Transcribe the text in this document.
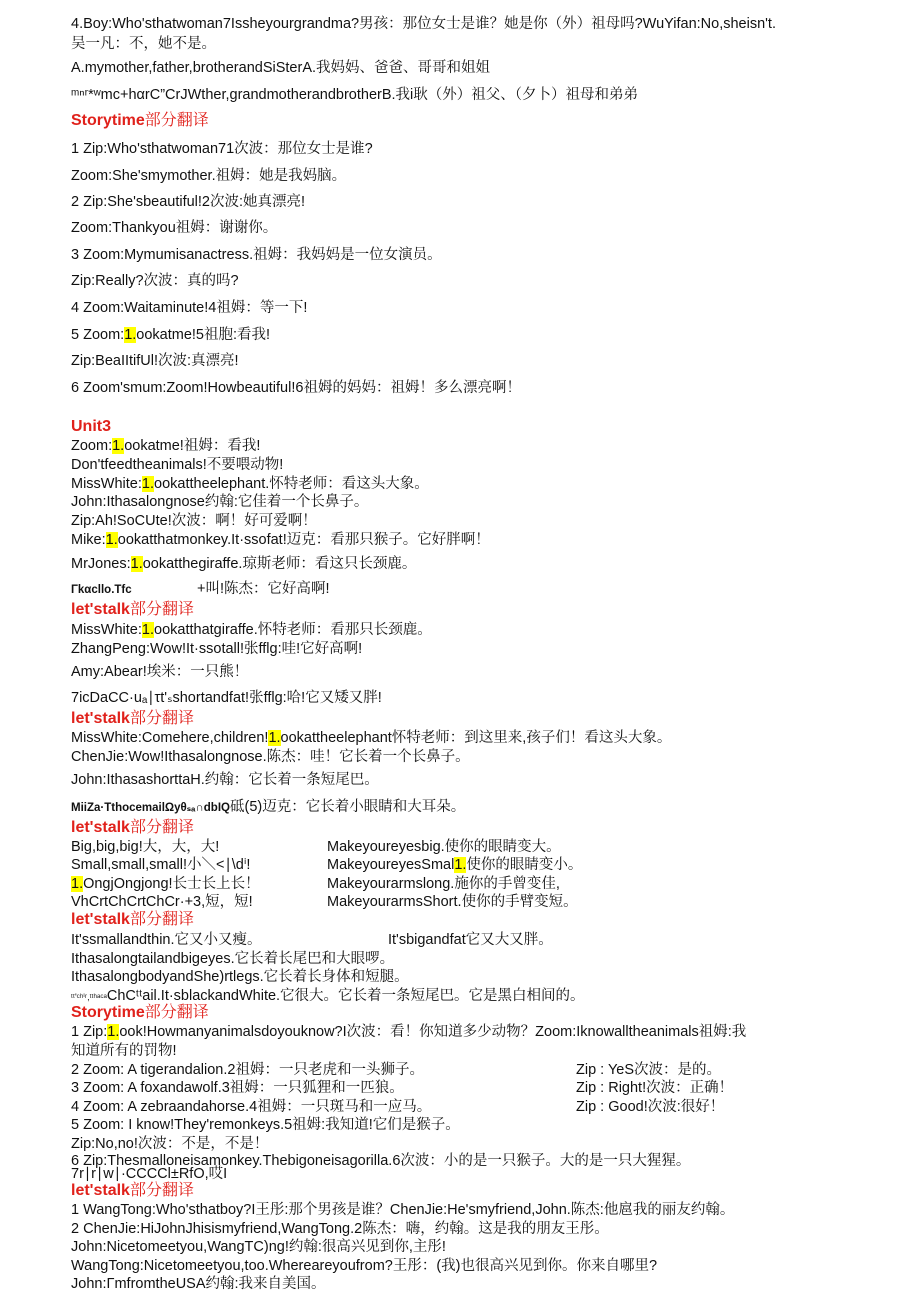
4.Boy:Who'sthatwoman7Issheyourgrandma?男孩：那位女士是谁？她是你（外）祖母吗?WuYifan:No,sheisn't.
吴一凡：不，她不是。
A.mymother,father,brotherandSiSterA.我妈妈、爸爸、哥哥和姐姐
ᵐⁿʳ*ʷmc+hαrC”CrJWther,grandmotherandbrotherB.我i耿（外）祖父、（夕卜）祖母和弟弟
Storytime部分翻译
1 Zip:Who'sthatwoman71次波：那位女士是谁?
Zoom:She'smymother.祖姆：她是我妈脑。
2 Zip:She'sbeautiful!2次波:她真漂亮!
Zoom:Thankyou祖姆：谢谢你。
3 Zoom:Mymumisanactress.祖姆：我妈妈是一位女演员。
Zip:Really?次波：真的吗?
4 Zoom:Waitaminute!4祖姆：等一下!
5 Zoom:1.ookatme!5祖胞:看我!
Zip:BeaIItifUl!次波:真漂亮!
6 Zoom'smum:Zoom!Howbeautiful!6祖姆的妈妈：祖姆！多么漂亮啊！
Unit3
Zoom:1.ookatme!祖姆：看我!
Don'tfeedtheanimals!不要喂动物!
MissWhite:1.ookattheelephant.怀特老师：看这头大象。
John:Ithasalongnose约翰:它佳着一个长鼻子。
Zip:Ah!SoCUte!次波：啊！好可爱啊！
Mike:1.ookatthatmonkey.It·ssofat!迈克：看那只猴子。它好胖啊！
MrJones:1.ookatthegiraffe.琼斯老师：看这只长颈鹿。
Γkαcllo.Tfc	+叫!陈杰：它好高啊!
let'stalk部分翻译
MissWhite:1.ookatthatgiraffe.怀特老师：看那只长颈鹿。
ZhangPeng:Wow!It·ssotall!张fflg:哇!它好高啊!
Amy:Abear!埃米：一只熊！
7icDaCC·uₐ∣τt'ₛshortandfat!张fflg:哈!它又矮又胖!
let'stalk部分翻译
MissWhite:Comehere,children!1.ookattheelephant怀特老师：到这里来,孩子们！看这头大象。
ChenJie:Wow!Ithasalongnose.陈杰：哇！它长着一个长鼻子。
John:IthasashorttaH.约翰：它长着一条短尾巴。
MiiZa·TthocemailΩyθₛₐ∩dbIQ砥(5)迈克：它长着小眼睛和大耳朵。
let'stalk部分翻译
Big,big,big!大，大，大!	Makeyoureyesbig.使你的眼睛变大。
Small,small,small!小＼<∣\dⁱ!	MakeyoureyesSmal1.使你的眼睛变小。
1.OngjOngjong!长士长上长！	Makeyourarmslong.施你的手曾变佳,
VhCrtChCrtChCr·+3,短，短!	MakeyourarmsShort.使你的手臂变短。
let'stalk部分翻译
It'ssmallandthin.它又小又瘦。	It'sbigandfat它又大又胖。
Ithasalongtailandbigeyes.它长着长尾巴和大眼啰。
IthasalongbodyandShe)rtlegs.它长着长身体和短腿。
ᵗᵗ'ᶜʰⁱʳ,ᵗᵗʰᵃᶜᵃChCᵗᵗail.It·sblackandWhite.它很大。它长着一条短尾巴。它是黑白相间的。
Storytime部分翻译
1 Zip:1.ook!Howmanyanimalsdoyouknow?I次波：看！你知道多少动物？Zoom:Iknowalltheanimals祖姆:我
知道所有的罚物!
2 Zoom: A tigerandalion.2祖姆：一只老虎和一头狮子。	Zip : YeS次波：是的。
3 Zoom: A foxandawolf.3祖姆：一只狐狸和一匹狼。	Zip : Right!次波：正确！
4 Zoom: A zebraandahorse.4祖姆：一只斑马和一应马。	Zip : Good!次波:很好！
5 Zoom: I know!They'remonkeys.5祖姆:我知道!它们是猴子。
Zip:No,no!次波：不是，不是！
6 Zip:Thesmalloneisamonkey.Thebigoneisagorilla.6次波：小的是一只猴子。大的是一只大猩猩。
7r∣r∣w∣·CCCCl±RfO,哎I
let'stalk部分翻译
1 WangTong:Who'sthatboy?I王彤:那个男孩是谁？ChenJie:He'smyfriend,John.陈杰:他扈我的丽友约翰。
2 ChenJie:HiJohnJhisismyfriend,WangTong.2陈杰：嗨，约翰。这是我的朋友王彤。
John:Nicetomeetyou,WangTC)ng!约翰:很高兴见到你,主彤!
WangTong:Nicetomeetyou,too.Whereareyoufrom?王彤：(我)也很高兴见到你。你来自哪里?
John:ΓmfromtheUSA约翰:我来自美国。
